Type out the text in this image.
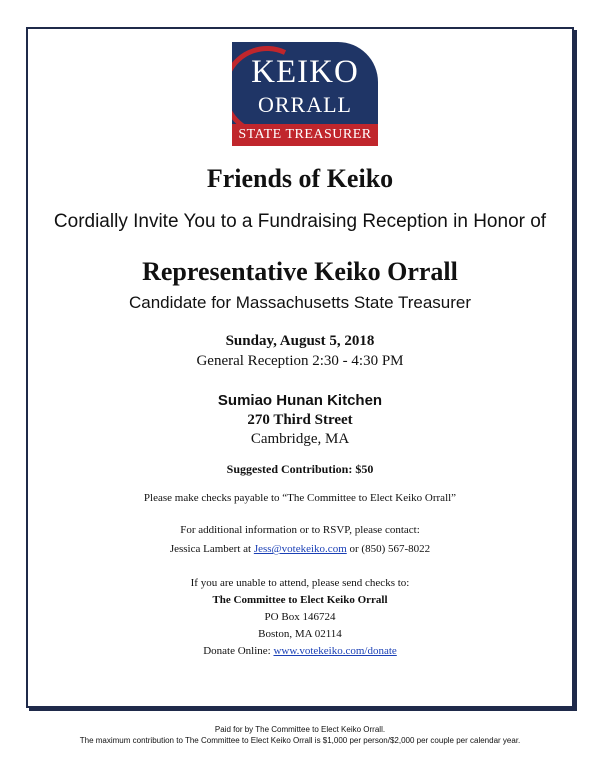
KEIKO
ORRALL
STATE TREASURER
Friends of Keiko
Cordially Invite You to a Fundraising Reception in Honor of
Representative Keiko Orrall
Candidate for Massachusetts State Treasurer
Sunday, August 5, 2018
General Reception 2:30 - 4:30 PM
Sumiao Hunan Kitchen
270 Third Street
Cambridge, MA
Suggested Contribution: $50
Please make checks payable to “The Committee to Elect Keiko Orrall”
For additional information or to RSVP, please contact:
Jessica Lambert at Jess@votekeiko.com or (850) 567-8022
If you are unable to attend, please send checks to:
The Committee to Elect Keiko Orrall
PO Box 146724
Boston, MA 02114
Donate Online: www.votekeiko.com/donate
Paid for by The Committee to Elect Keiko Orrall.
The maximum contribution to The Committee to Elect Keiko Orrall is $1,000 per person/$2,000 per couple per calendar year.
